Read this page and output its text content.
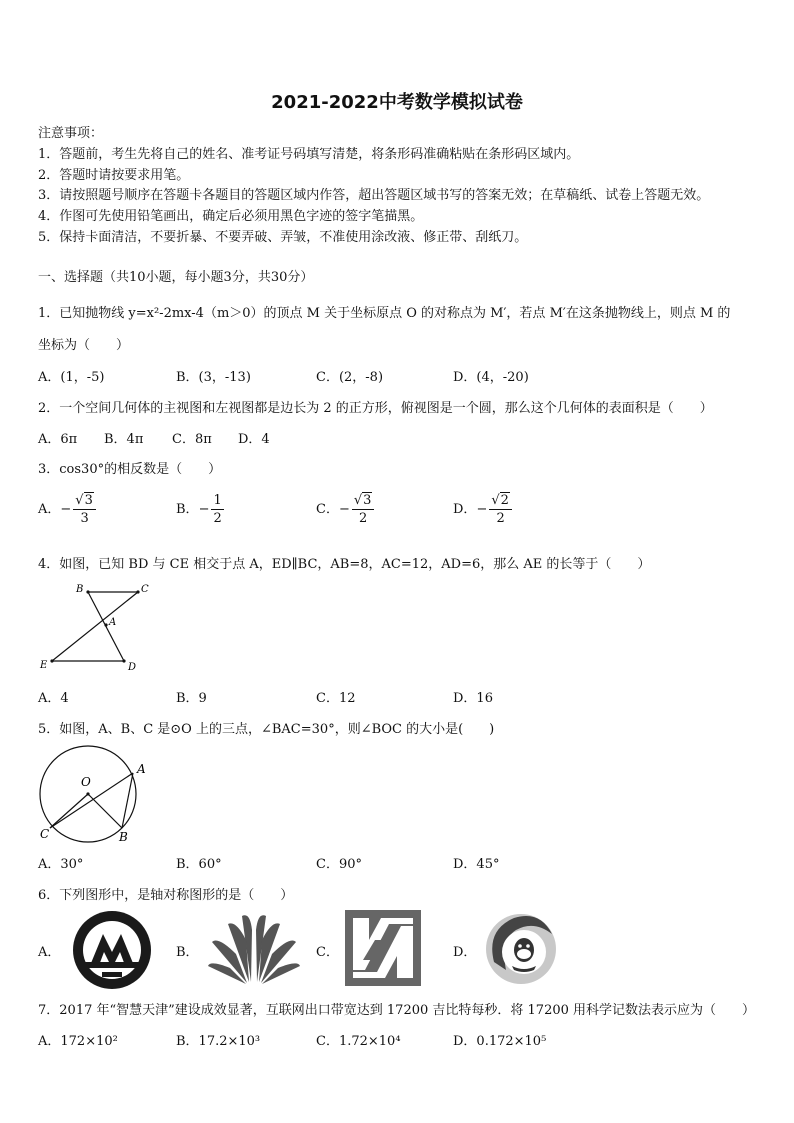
2021-2022中考数学模拟试卷
注意事项：
1．答题前，考生先将自己的姓名、准考证号码填写清楚，将条形码准确粘贴在条形码区域内。
2．答题时请按要求用笔。
3．请按照题号顺序在答题卡各题目的答题区域内作答，超出答题区域书写的答案无效；在草稿纸、试卷上答题无效。
4．作图可先使用铅笔画出，确定后必须用黑色字迹的签字笔描黑。
5．保持卡面清洁，不要折暴、不要弄破、弄皱，不准使用涂改液、修正带、刮纸刀。
一、选择题（共10小题，每小题3分，共30分）
1．已知抛物线 y=x²-2mx-4（m＞0）的顶点 M 关于坐标原点 O 的对称点为 M′，若点 M′在这条抛物线上，则点 M 的
坐标为（　　）
A．(1，-5)	B．(3，-13)	C．(2，-8)	D．(4，-20)
2．一个空间几何体的主视图和左视图都是边长为 2 的正方形，俯视图是一个圆，那么这个几何体的表面积是（　　）
A．6π B．4π C．8π D．4
3．cos30°的相反数是（　　）
A．− $\frac{√3}{3}$	B．− $\frac{1}{2}$	C．− $\frac{√3}{2}$	D．− $\frac{√2}{2}$
4．如图，已知 BD 与 CE 相交于点 A，ED∥BC，AB=8，AC=12，AD=6，那么 AE 的长等于（　　）
B	C
A
E	D
A．4	B．9	C．12	D．16
5．如图，A、B、C 是⊙O 上的三点，∠BAC=30°，则∠BOC 的大小是(　　)
O
A
B
C
A．30°	B．60°	C．90°	D．45°
6．下列图形中，是轴对称图形的是（　　）
A．	B．	C．	D．
7．2017 年“智慧天津”建设成效显著，互联网出口带宽达到 17200 吉比特每秒．将 17200 用科学记数法表示应为（　　）
A．172×10²	B．17.2×10³	C．1.72×10⁴	D．0.172×10⁵
